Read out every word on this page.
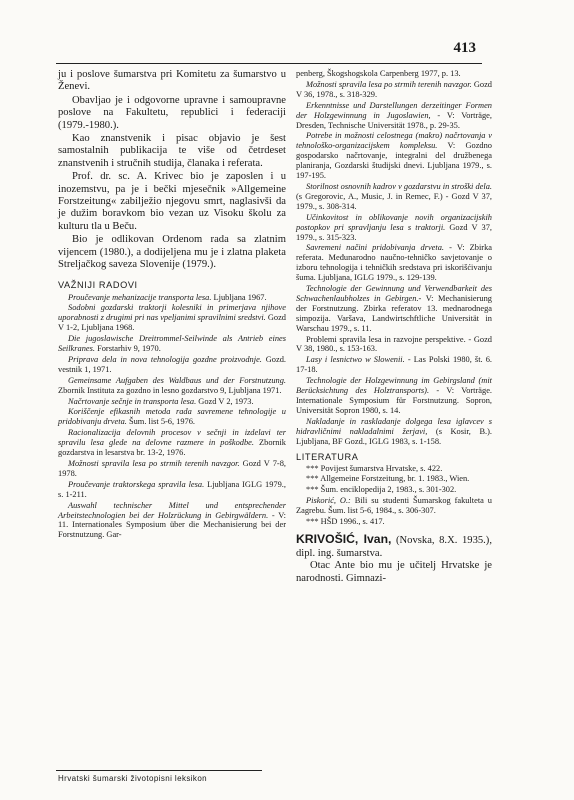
413

ju i poslove šumarstva pri Komitetu za šumarstvo u Ženevi.

Obavljao je i odgovorne upravne i samoupravne poslove na Fakultetu, republici i federaciji (1979.-1980.).

Kao znanstvenik i pisac objavio je šest samostalnih publikacija te više od četrdeset znanstvenih i stručnih studija, članaka i referata.

Prof. dr. sc. A. Krivec bio je zaposlen i u inozemstvu, pa je i bečki mjesečnik »Allgemeine Forstzeitung« zabilježio njegovu smrt, naglasivši da je dužim boravkom bio vezan uz Visoku školu za kulturu tla u Beču.

Bio je odlikovan Ordenom rada sa zlatnim vijencem (1980.), a dodijeljena mu je i zlatna plaketa Streljačkog saveza Slovenije (1979.).

VAŽNIJI RADOVI

Proučevanje mehanizacije transporta lesa. Ljubljana 1967.

Sodobni gozdarski traktorji kolesniki in primerjava njihove uporabnosti z drugimi pri nas vpeljanimi spravilnimi sredstvi. Gozd V 1-2, Ljubljana 1968.

Die jugoslawische Dreitrommel-Seilwinde als Antrieb eines Seilkranes. Forstarhiv 9, 1970.

Priprava dela in nova tehnologija gozdne proizvodnje. Gozd. vestnik 1, 1971.

Gemeinsame Aufgaben des Waldbaus und der Forstnutzung. Zbornik Instituta za gozdno in lesno gozdarstvo 9, Ljubljana 1971.

Načrtovanje sečnje in transporta lesa. Gozd V 2, 1973.

Koriščenje efikasnih metoda rada savremene tehnologije u pridobivanju drveta. Šum. list 5-6, 1976.

Racionalizacija delovnih procesov v sečnji in izdelavi ter spravilu lesa glede na delovne razmere in poškodbe. Zbornik gozdarstva in lesarstva br. 13-2, 1976.

Možnosti spravila lesa po strmih terenih navzgor. Gozd V 7-8, 1978.

Proučevanje traktorskega spravila lesa. Ljubljana IGLG 1979., s. 1-211.

Auswahl technischer Mittel und entsprechender Arbeitstechnologien bei der Holzrückung in Gebirgwäldern. - V: 11. Internationales Symposium über die Mechanisierung bei der Forstnutzung. Gar-

penberg, Škogshogskola Carpenberg 1977, p. 13.

Možnosti spravila lesa po strmih terenih navzgor. Gozd V 36, 1978., s. 318-329.

Erkenntnisse und Darstellungen derzeitinger Formen der Holzgewinnung in Jugoslawien, - V: Vorträge, Dresden, Technische Universität 1978., p. 29-35.

Potrebe in možnosti celostnega (makro) načrtovanja v tehnološko-organizacijskem kompleksu. V: Gozdno gospodarsko načrtovanje, integralni del družbenega planiranja, Gozdarski študijski dnevi. Ljubljana 1979., s. 197-195.

Storilnost osnovnih kadrov v gozdarstvu in stroški dela. (s Gregorovic, A., Music, J. in Remec, F.) - Gozd V 37, 1979., s. 308-314.

Učinkovitost in oblikovanje novih organizacijskih postopkov pri spravljanju lesa s traktorji. Gozd V 37, 1979., s. 315-323.

Savremeni načini pridobivanja drveta. - V: Zbirka referata. Međunarodno naučno-tehničko savjetovanje o izboru tehnologija i tehničkih sredstava pri iskorišćivanju šuma. Ljubljana, IGLG 1979., s. 129-139.

Technologie der Gewinnung und Verwendbarkeit des Schwachenlaubholzes in Gebirgen.- V: Mechanisierung der Forstnutzung. Zbirka referatov 13. mednarodnega simpozija. Varšava, Landwirtschftliche Universität in Warschau 1979., s. 11.

Problemi spravila lesa in razvojne perspektive. - Gozd V 38, 1980., s. 153-163.

Lasy i lesnictwo w Slowenii. - Las Polski 1980, št. 6. 17-18.

Technologie der Holzgewinnung im Gebirgsland (mit Berücksichtung des Holztransports). - V: Vorträge. Internationale Symposium für Forstnutzung. Sopron, Universität Sopron 1980, s. 14.

Nakladanje in raskladanje dolgega lesa iglavcev s hidravličnimi nakladalnimi žerjavi, (s Kosir, B.). Ljubljana, BF Gozd., IGLG 1983, s. 1-158.

LITERATURA

*** Povijest šumarstva Hrvatske, s. 422.

*** Allgemeine Forstzeitung, br. 1. 1983., Wien.

*** Šum. enciklopedija 2, 1983., s. 301-302.

Piskorić, O.: Bili su studenti Šumarskog fakulteta u Zagrebu. Šum. list 5-6, 1984., s. 306-307.

*** HŠD 1996., s. 417.

KRIVOŠIĆ, Ivan, (Novska, 8.X. 1935.), dipl. ing. šumarstva.

Otac Ante bio mu je učitelj Hrvatske je narodnosti. Gimnazi-

Hrvatski šumarski životopisni leksikon
